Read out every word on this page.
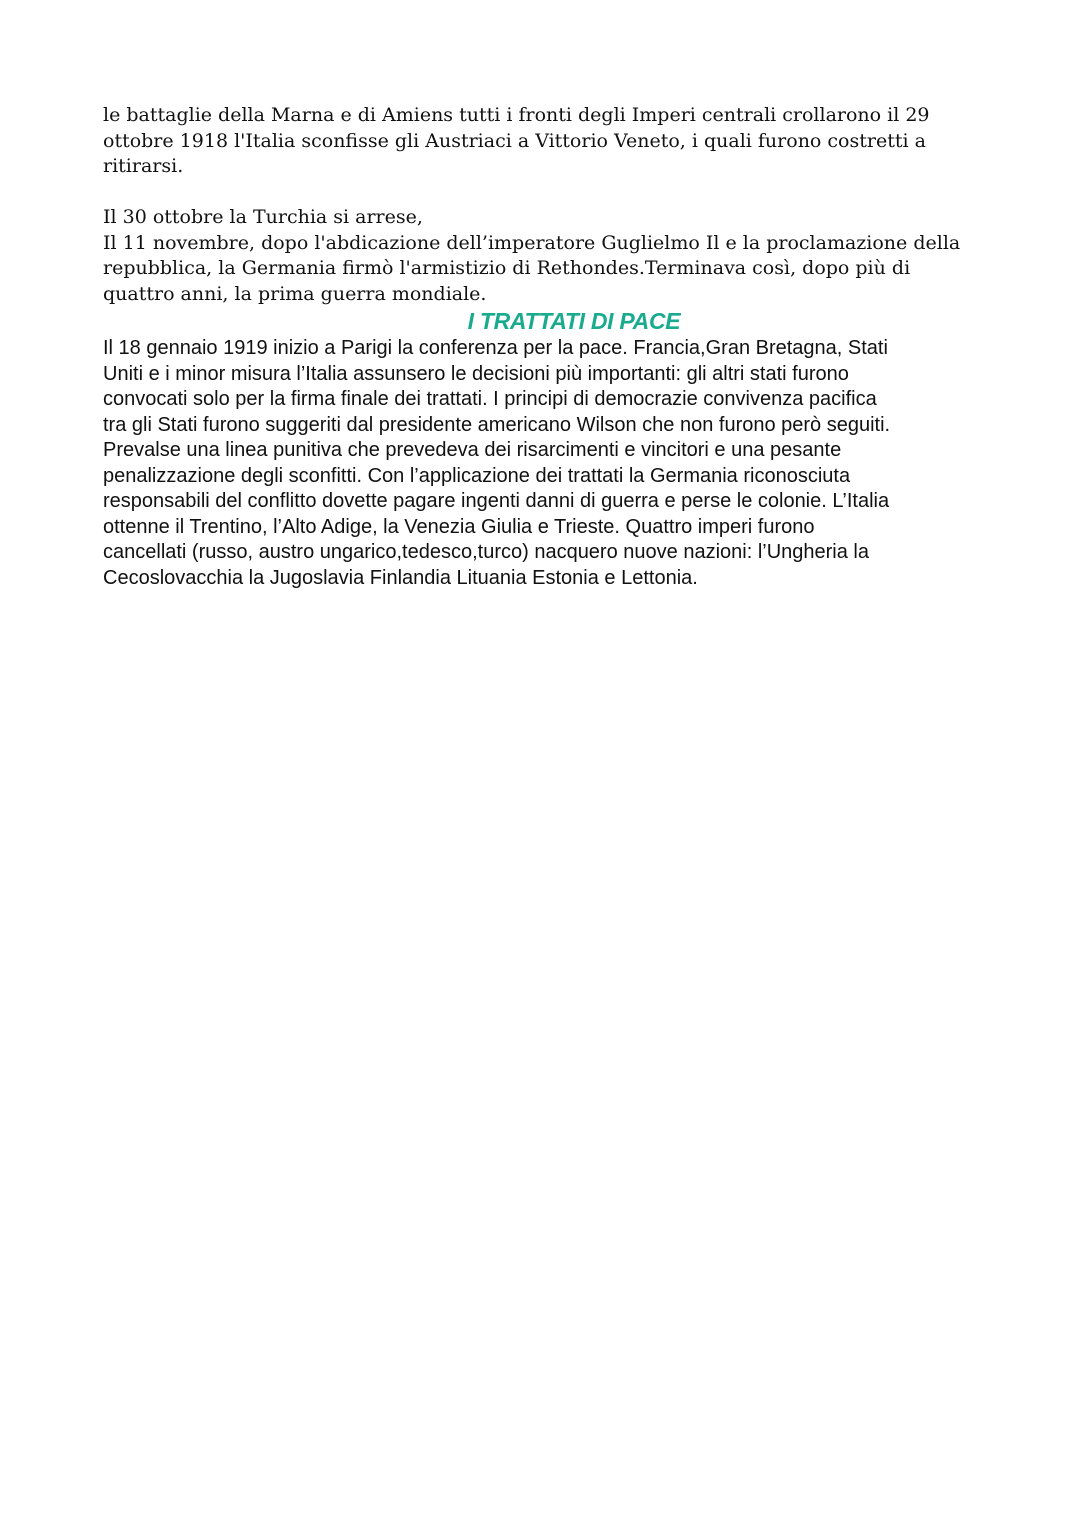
le battaglie della Marna e di Amiens tutti i fronti degli Imperi centrali crollarono il 29
ottobre 1918 l'Italia sconfisse gli Austriaci a Vittorio Veneto, i quali furono costretti a
ritirarsi.
Il 30 ottobre la Turchia si arrese,
Il 11 novembre, dopo l'abdicazione dell’imperatore Guglielmo Il e la proclamazione della
repubblica, la Germania firmò l'armistizio di Rethondes.Terminava così, dopo più di
quattro anni, la prima guerra mondiale.
I TRATTATI DI PACE
Il 18 gennaio 1919 inizio a Parigi la conferenza per la pace. Francia,Gran Bretagna, Stati
Uniti e i minor misura l’Italia assunsero le decisioni più importanti: gli altri stati furono
convocati solo per la firma finale dei trattati. I principi di democrazie convivenza pacifica
tra gli Stati furono suggeriti dal presidente americano Wilson che non furono però seguiti.
Prevalse una linea punitiva che prevedeva dei risarcimenti e vincitori e una pesante
penalizzazione degli sconfitti. Con l’applicazione dei trattati la Germania riconosciuta
responsabili del conflitto dovette pagare ingenti danni di guerra e perse le colonie. L’Italia
ottenne il Trentino, l’Alto Adige, la Venezia Giulia e Trieste. Quattro imperi furono
cancellati (russo, austro ungarico,tedesco,turco) nacquero nuove nazioni: l’Ungheria la
Cecoslovacchia la Jugoslavia Finlandia Lituania Estonia e Lettonia.
